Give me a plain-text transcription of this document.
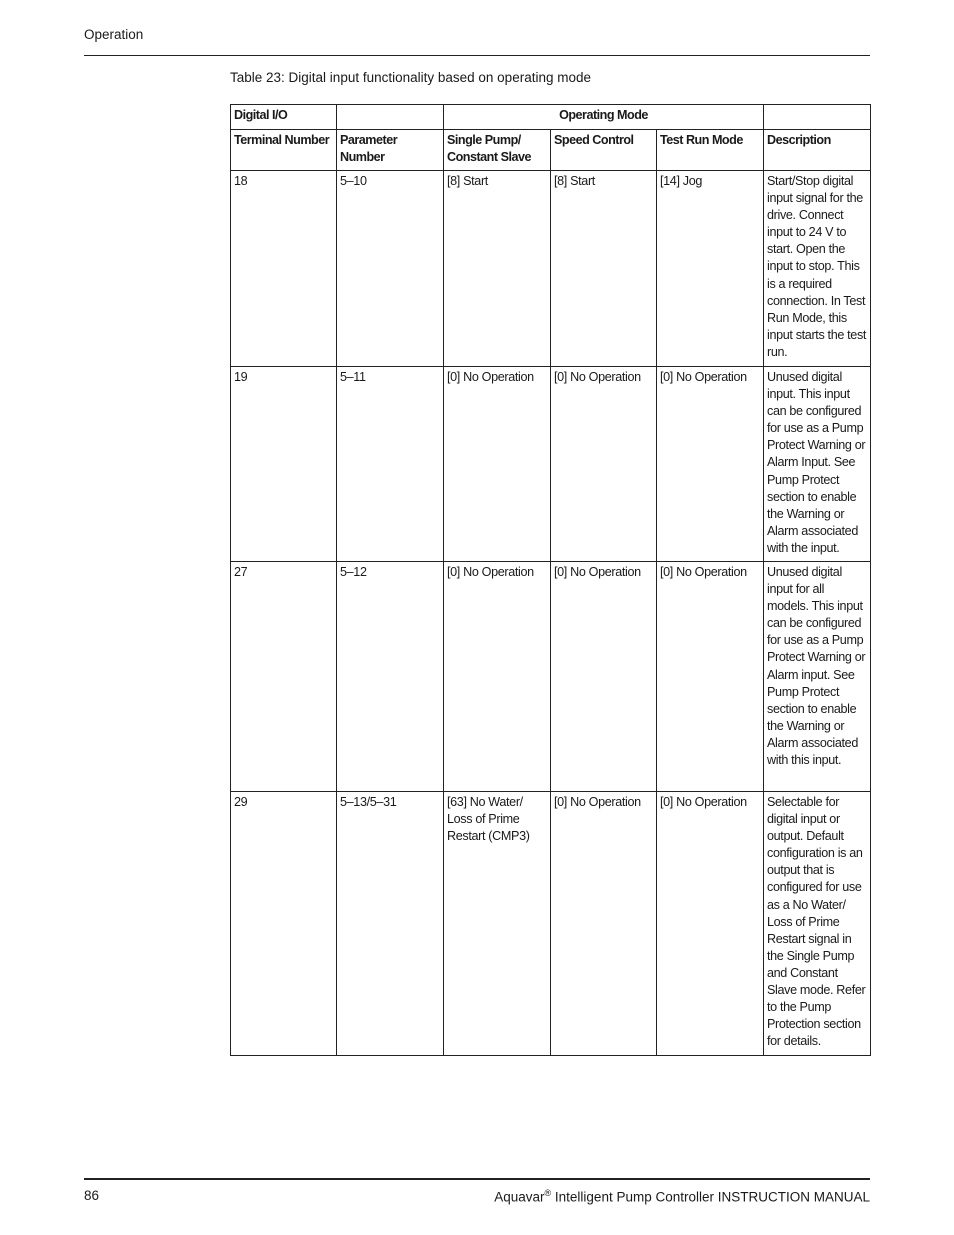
Operation
Table 23: Digital input functionality based on operating mode
Digital I/O		Operating Mode			
Terminal Number	Parameter Number	Single Pump/ Constant Slave	Speed Control	Test Run Mode	Description
18	5–10	[8] Start	[8] Start	[14] Jog	Start/Stop digital input signal for the drive. Connect input to 24 V to start. Open the input to stop. This is a required connection. In Test Run Mode, this input starts the test run.
19	5–11	[0] No Operation	[0] No Operation	[0] No Operation	Unused digital input. This input can be configured for use as a Pump Protect Warning or Alarm Input. See Pump Protect section to enable the Warning or Alarm associated with the input.
27	5–12	[0] No Operation	[0] No Operation	[0] No Operation	Unused digital input for all models. This input can be configured for use as a Pump Protect Warning or Alarm input. See Pump Protect section to enable the Warning or Alarm associated with this input.
29	5–13/5–31	[63] No Water/ Loss of Prime Restart (CMP3)	[0] No Operation	[0] No Operation	Selectable for digital input or output. Default configuration is an output that is configured for use as a No Water/ Loss of Prime Restart signal in the Single Pump and Constant Slave mode. Refer to the Pump Protection section for details.
86	Aquavar® Intelligent Pump Controller INSTRUCTION MANUAL
